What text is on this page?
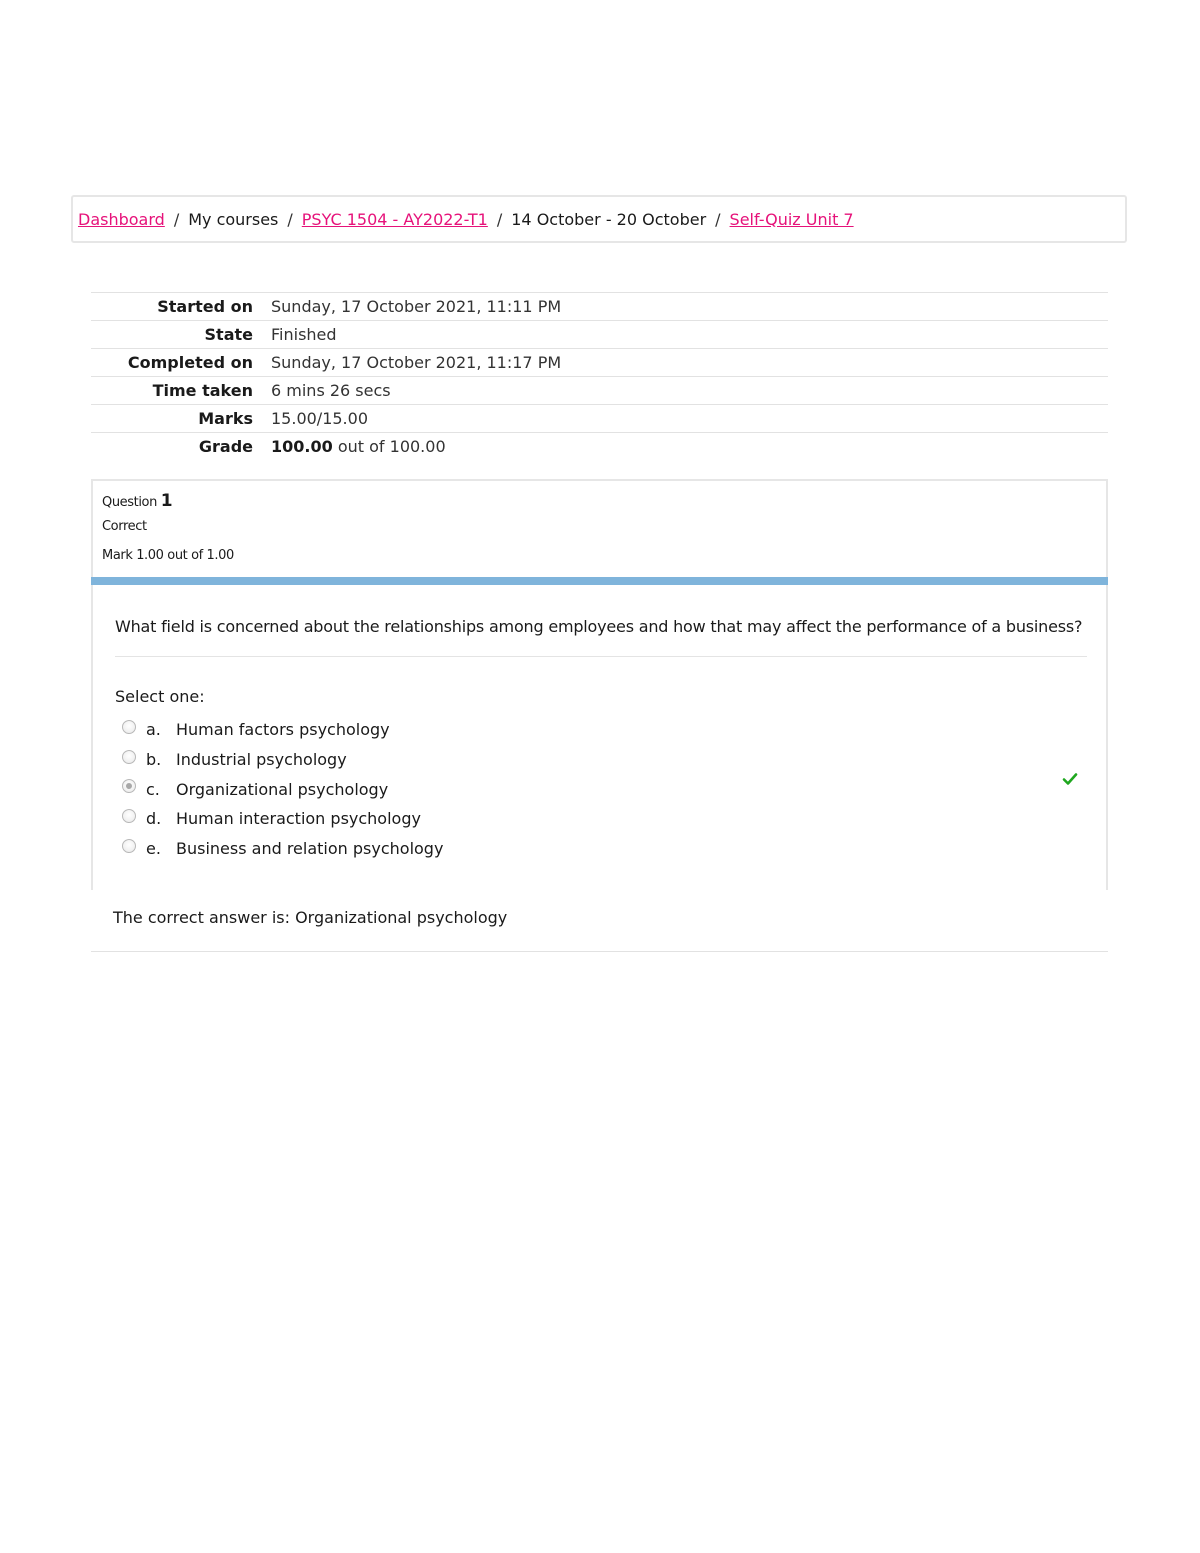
Dashboard / My courses / PSYC 1504 - AY2022-T1 / 14 October - 20 October / Self-Quiz Unit 7
Started on	Sunday, 17 October 2021, 11:11 PM
State	Finished
Completed on	Sunday, 17 October 2021, 11:17 PM
Time taken	6 mins 26 secs
Marks	15.00/15.00
Grade	100.00 out of 100.00
Question 1
Correct
Mark 1.00 out of 1.00
What field is concerned about the relationships among employees and how that may affect the performance of a business?
Select one:
a. Human factors psychology
b. Industrial psychology
c.	Organizational psychology
d. Human interaction psychology
e. Business and relation psychology
The correct answer is: Organizational psychology
